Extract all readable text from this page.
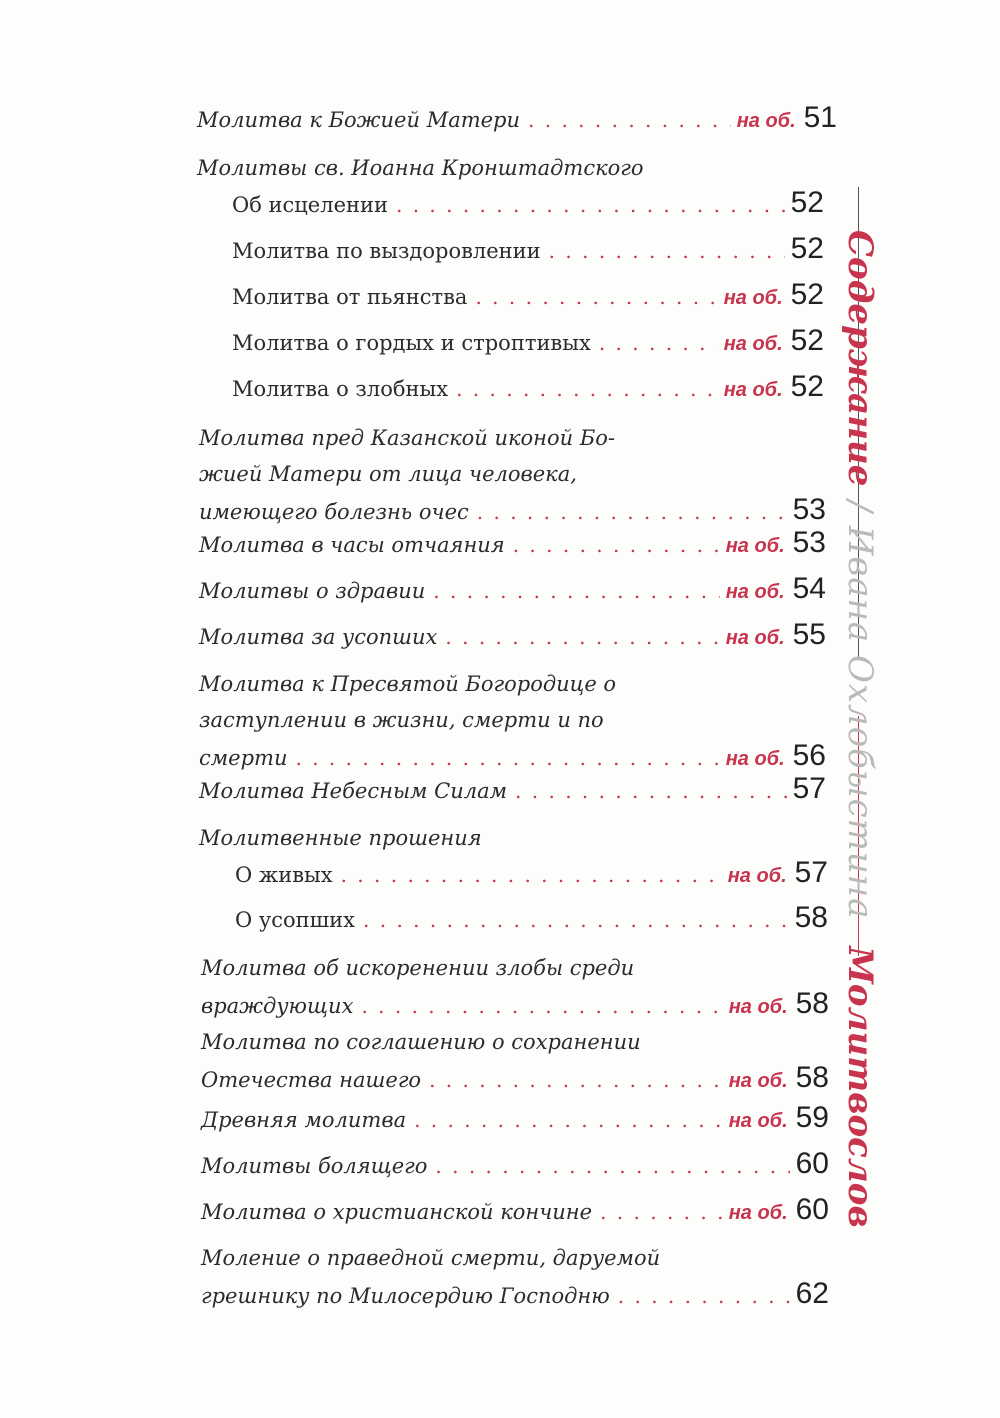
Молитва к Божией Матери . . .	на об. 51
Молитвы св. Иоанна Кронштадтского
Об исцелении . . .	52
Молитва по выздоровлении . . .	52
Молитва от пьянства . . .	на об. 52
Молитва о гордых и строптивых . . .	на об. 52
Молитва о злобных . . .	на об. 52
Молитва пред Казанской иконой Бо-
жией Матери от лица человека,
имеющего болезнь очес . . .	53
Молитва в часы отчаяния . . .	на об. 53
Молитвы о здравии . . .	на об. 54
Молитва за усопших . . .	на об. 55
Молитва к Пресвятой Богородице о
заступлении в жизни, смерти и по
смерти . . .	на об. 56
Молитва Небесным Силам . . .	57
Молитвенные прошения
О живых . . .	на об. 57
О усопших . . .	58
Молитва об искоренении злобы среди
враждующих . . .	на об. 58
Молитва по соглашению о сохранении
Отечества нашего . . .	на об. 58
Древняя молитва . . .	на об. 59
Молитвы болящего . . .	60
Молитва о христианской кончине . . .	на об. 60
Моление о праведной смерти, даруемой
грешнику по Милосердию Господню . . .	62
Содержание/Ивана Охлобыстина Молитвослов
